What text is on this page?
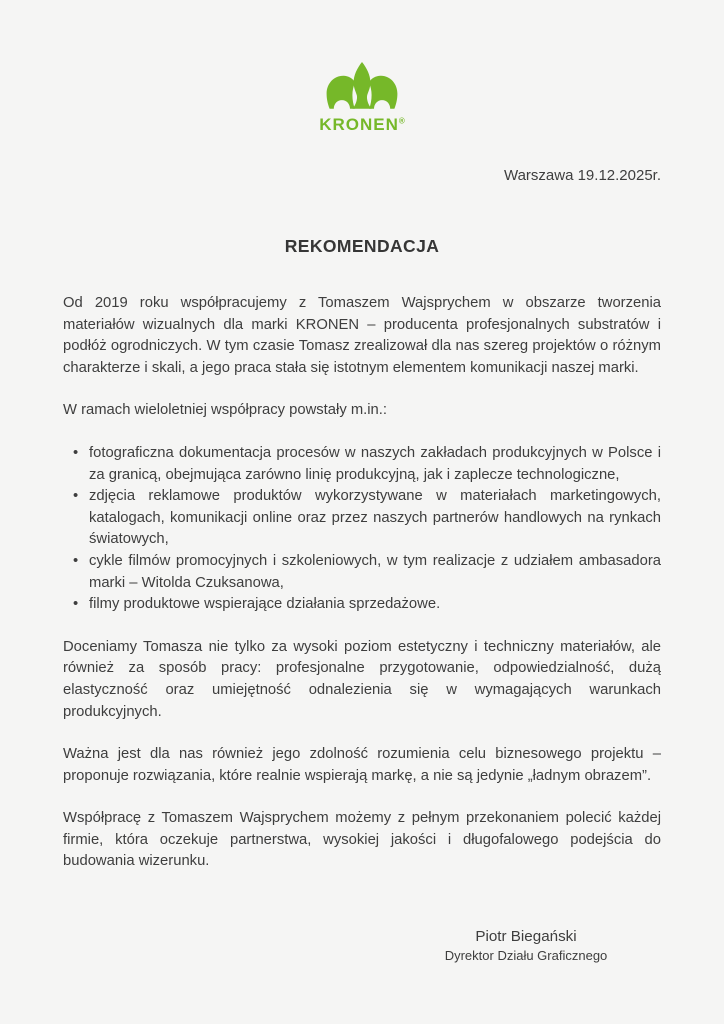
KRONEN®
Warszawa 19.12.2025r.
REKOMENDACJA

Od 2019 roku współpracujemy z Tomaszem Wajsprychem w obszarze tworzenia materiałów wizualnych dla marki KRONEN – producenta profesjonalnych substratów i podłóż ogrodniczych. W tym czasie Tomasz zrealizował dla nas szereg projektów o różnym charakterze i skali, a jego praca stała się istotnym elementem komunikacji naszej marki.

W ramach wieloletniej współpracy powstały m.in.:

• fotograficzna dokumentacja procesów w naszych zakładach produkcyjnych w Polsce i za granicą, obejmująca zarówno linię produkcyjną, jak i zaplecze technologiczne,
• zdjęcia reklamowe produktów wykorzystywane w materiałach marketingowych, katalogach, komunikacji online oraz przez naszych partnerów handlowych na rynkach światowych,
• cykle filmów promocyjnych i szkoleniowych, w tym realizacje z udziałem ambasadora marki – Witolda Czuksanowa,
• filmy produktowe wspierające działania sprzedażowe.

Doceniamy Tomasza nie tylko za wysoki poziom estetyczny i techniczny materiałów, ale również za sposób pracy: profesjonalne przygotowanie, odpowiedzialność, dużą elastyczność oraz umiejętność odnalezienia się w wymagających warunkach produkcyjnych.

Ważna jest dla nas również jego zdolność rozumienia celu biznesowego projektu – proponuje rozwiązania, które realnie wspierają markę, a nie są jedynie „ładnym obrazem”.

Współpracę z Tomaszem Wajsprychem możemy z pełnym przekonaniem polecić każdej firmie, która oczekuje partnerstwa, wysokiej jakości i długofalowego podejścia do budowania wizerunku.

Piotr Biegański
Dyrektor Działu Graficznego
